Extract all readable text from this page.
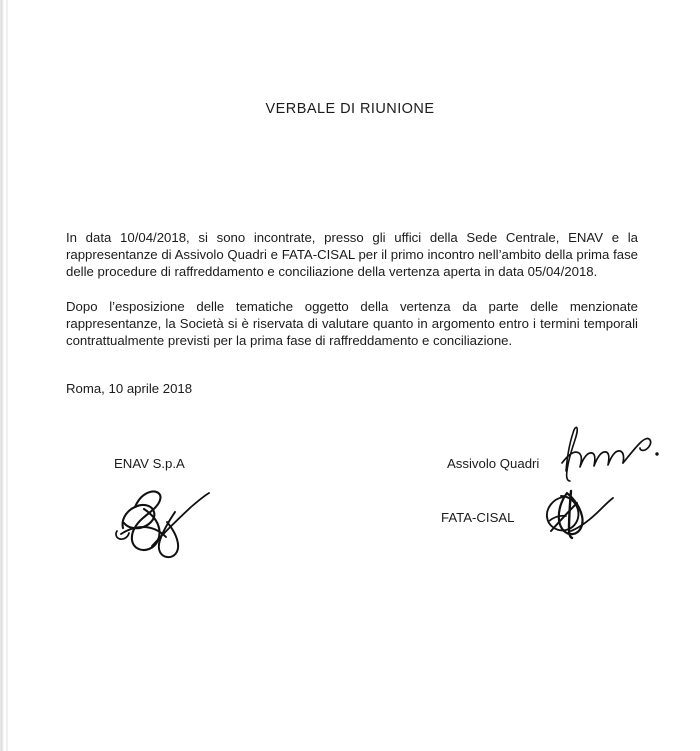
VERBALE DI RIUNIONE

In data 10/04/2018, si sono incontrate, presso gli uffici della Sede Centrale, ENAV e la rappresentanze di Assivolo Quadri e FATA-CISAL per il primo incontro nell’ambito della prima fase delle procedure di raffreddamento e conciliazione della vertenza aperta in data 05/04/2018.

Dopo l’esposizione delle tematiche oggetto della vertenza da parte delle menzionate rappresentanze, la Società si è riservata di valutare quanto in argomento entro i termini temporali contrattualmente previsti per la prima fase di raffreddamento e conciliazione.

Roma, 10 aprile 2018
ENAV S.p.A	Assivolo Quadri
FATA-CISAL
